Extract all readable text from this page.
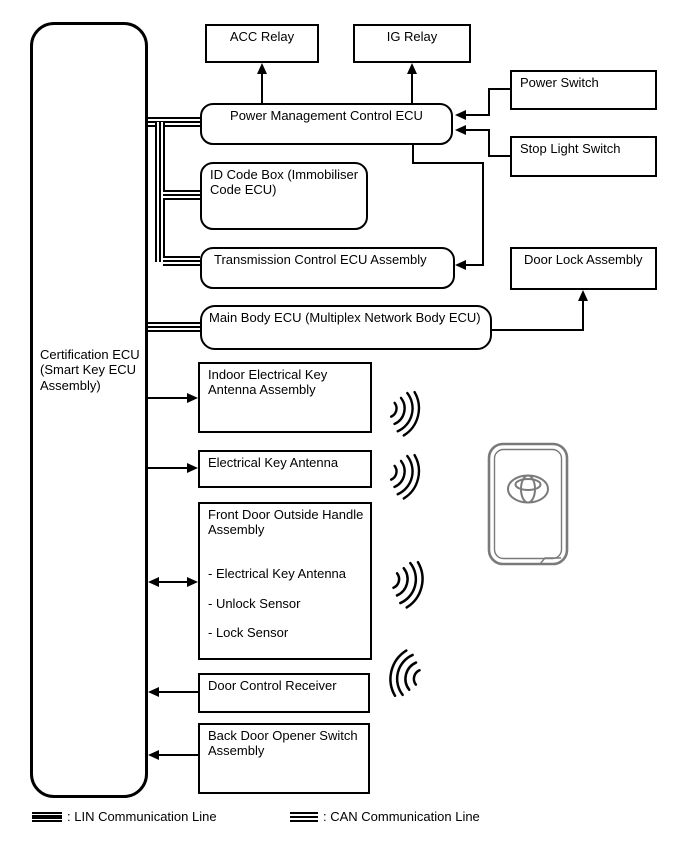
Certification ECU (Smart Key ECU Assembly)
ACC Relay	IG Relay
Power Management Control ECU
Power Switch
Stop Light Switch
ID Code Box (Immobiliser Code ECU)
Transmission Control ECU Assembly	Door Lock Assembly
Main Body ECU (Multiplex Network Body ECU)
Indoor Electrical Key Antenna Assembly
Electrical Key Antenna
Front Door Outside Handle Assembly
- Electrical Key Antenna
- Unlock Sensor
- Lock Sensor
Door Control Receiver
Back Door Opener Switch Assembly
: LIN Communication Line	: CAN Communication Line
